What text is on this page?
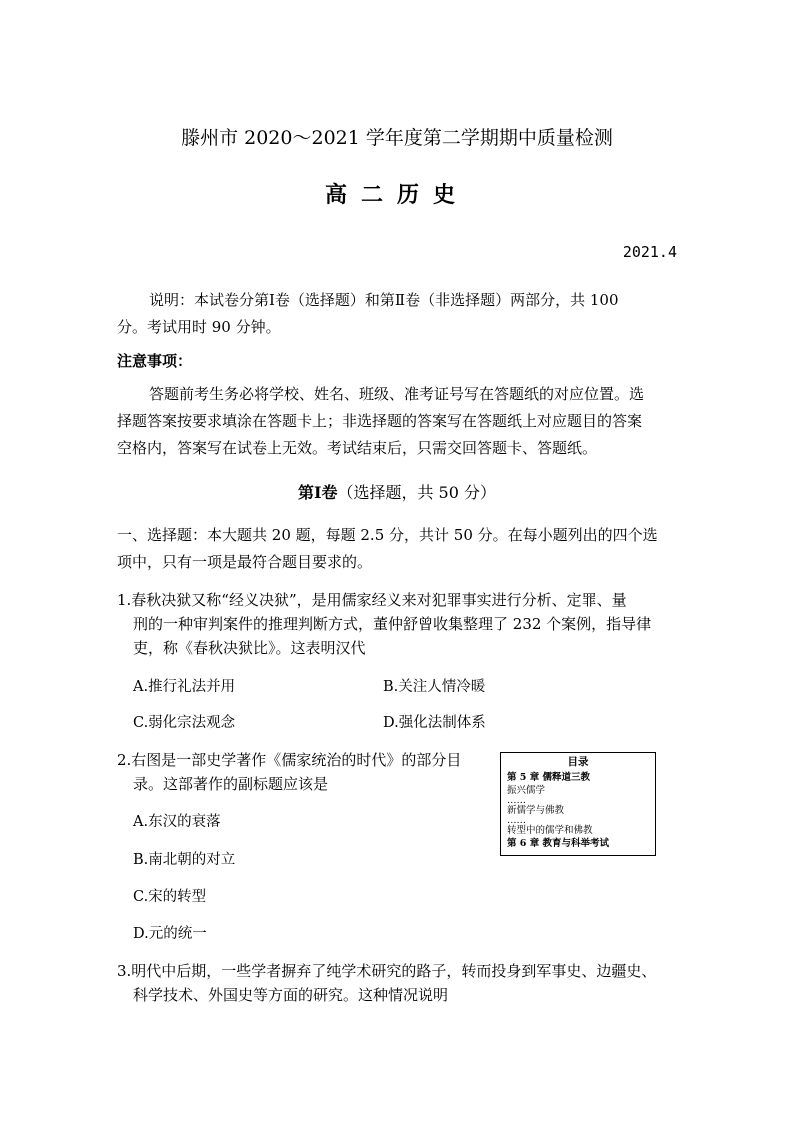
滕州市 2020～2021 学年度第二学期期中质量检测
高二历史
2021.4
说明：本试卷分第Ⅰ卷（选择题）和第Ⅱ卷（非选择题）两部分，共 100
分。考试用时 90 分钟。
注意事项：
答题前考生务必将学校、姓名、班级、准考证号写在答题纸的对应位置。选
择题答案按要求填涂在答题卡上；非选择题的答案写在答题纸上对应题目的答案
空格内，答案写在试卷上无效。考试结束后，只需交回答题卡、答题纸。
第Ⅰ卷（选择题，共 50 分）
一、选择题：本大题共 20 题，每题 2.5 分，共计 50 分。在每小题列出的四个选
项中，只有一项是最符合题目要求的。
1.春秋决狱又称“经义决狱”，是用儒家经义来对犯罪事实进行分析、定罪、量
刑的一种审判案件的推理判断方式，董仲舒曾收集整理了 232 个案例，指导律
吏，称《春秋决狱比》。这表明汉代
A.推行礼法并用	B.关注人情冷暖
C.弱化宗法观念	D.强化法制体系
2.右图是一部史学著作《儒家统治的时代》的部分目
录。这部著作的副标题应该是
A.东汉的衰落
B.南北朝的对立
C.宋的转型
D.元的统一
目录
第 5 章 儒释道三教
振兴儒学
……
新儒学与佛教
……
转型中的儒学和佛教
第 6 章 教育与科举考试
3.明代中后期，一些学者摒弃了纯学术研究的路子，转而投身到军事史、边疆史、
科学技术、外国史等方面的研究。这种情况说明
